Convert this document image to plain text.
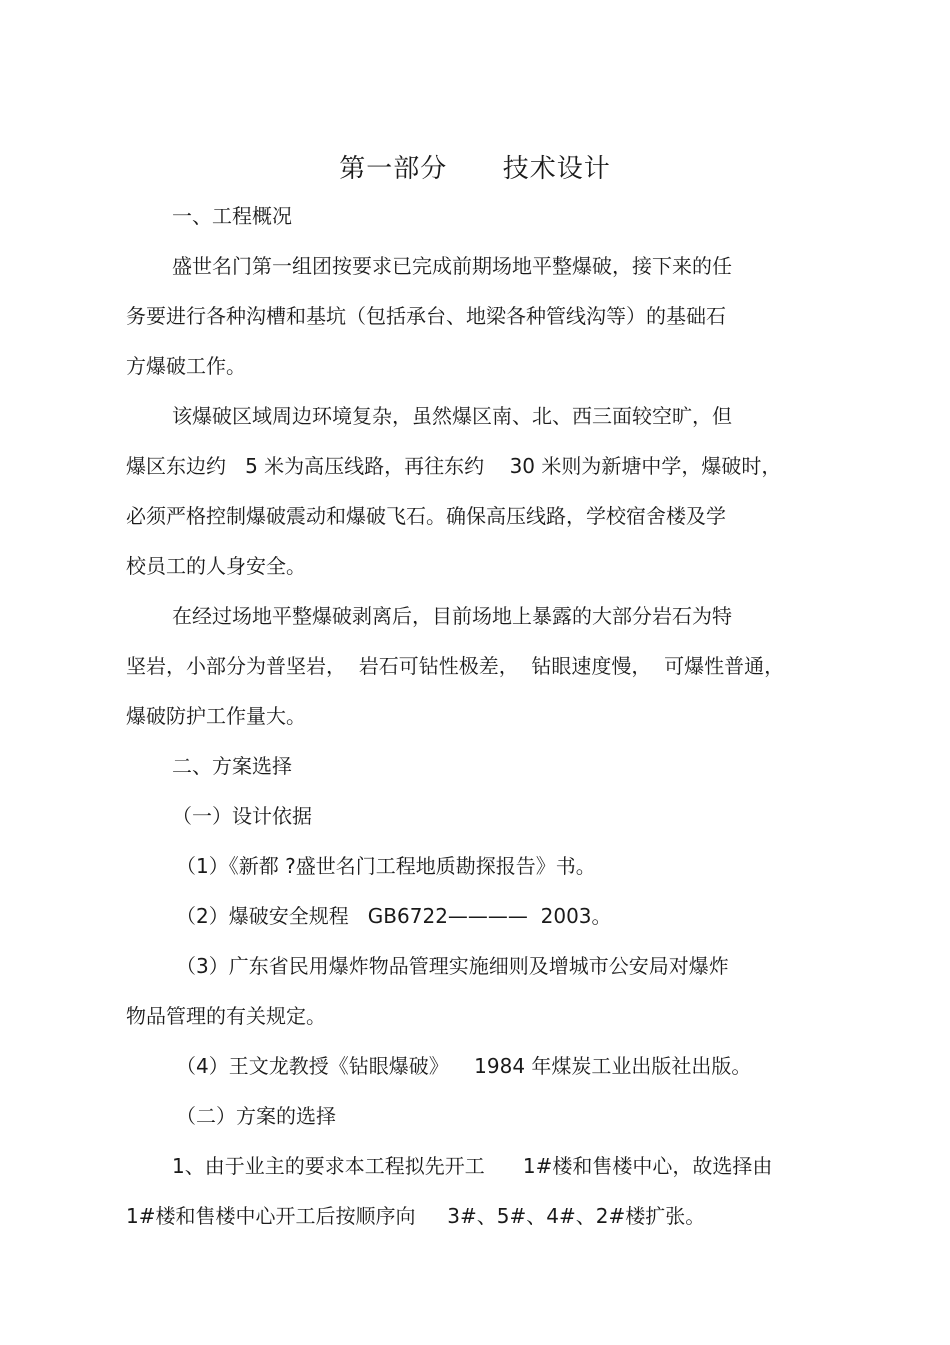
第一部分      技术设计
一、工程概况
盛世名门第一组团按要求已完成前期场地平整爆破，接下来的任
务要进行各种沟槽和基坑（包括承台、地梁各种管线沟等）的基础石
方爆破工作。
该爆破区域周边环境复杂，虽然爆区南、北、西三面较空旷，但
爆区东边约   5 米为高压线路，再往东约    30 米则为新塘中学，爆破时，
必须严格控制爆破震动和爆破飞石。确保高压线路，学校宿舍楼及学
校员工的人身安全。
在经过场地平整爆破剥离后，目前场地上暴露的大部分岩石为特
坚岩，小部分为普坚岩，  岩石可钻性极差，  钻眼速度慢，  可爆性普通，
爆破防护工作量大。
二、方案选择
（一）设计依据
（1）《新都 ?盛世名门工程地质勘探报告》书。
（2）爆破安全规程   GB6722————  2003。
（3）广东省民用爆炸物品管理实施细则及增城市公安局对爆炸
物品管理的有关规定。
（4）王文龙教授《钻眼爆破》    1984 年煤炭工业出版社出版。
（二）方案的选择
1、由于业主的要求本工程拟先开工      1#楼和售楼中心，故选择由
1#楼和售楼中心开工后按顺序向     3#、5#、4#、2#楼扩张。
